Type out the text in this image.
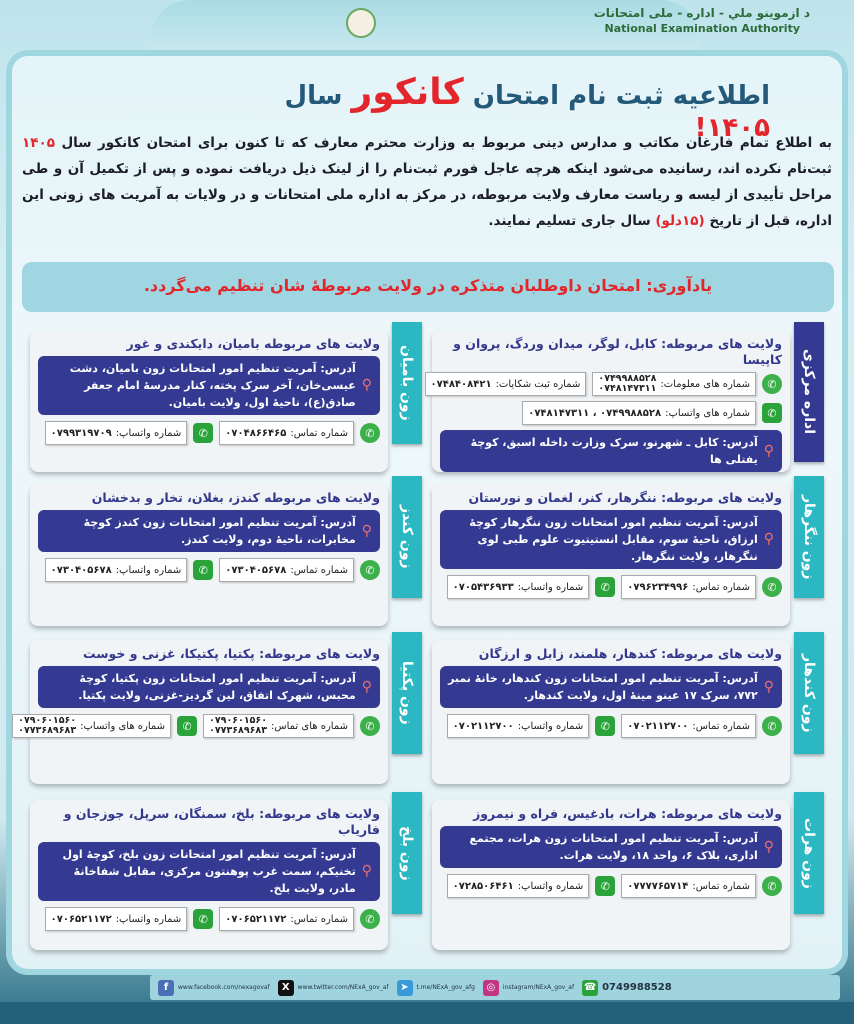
د ازموینو ملي - اداره - ملی امتحانات
National Examination Authority
اطلاعیه ثبت نام امتحان کانکور سال ۱۴۰۵!
به اطلاع تمام فارغان مکاتب و مدارس دینی مربوط به وزارت محترم معارف که تا کنون برای امتحان کانکور سال ۱۴۰۵ ثبت‌نام نکرده اند، رسانیده می‌شود اینکه هرچه عاجل فورم ثبت‌نام را از لینک ذیل دریافت نموده و پس از تکمیل آن و طی مراحل تأییدی از لیسه و ریاست معارف ولایت مربوطه، در مرکز به اداره ملی امتحانات و در ولایات به آمریت های زونی این اداره، قبل از تاریخ (۱۵دلو) سال جاری تسلیم نمایند.
یادآوری: امتحان داوطلبان متذکره در ولایت مربوطهٔ شان تنظیم می‌گردد.
اداره مرکزی
ولایت های مربوطه: کابل، لوگر، میدان وردگ، پروان و کاپیسا
✆
شماره های معلومات:
۰۷۴۹۹۸۸۵۲۸
۰۷۴۸۱۴۷۳۱۱
شماره ثبت شکایات:
۰۷۴۸۴۰۸۴۲۱
✆
شماره های واتساپ:
۰۷۴۹۹۸۸۵۲۸ ، ۰۷۴۸۱۴۷۳۱۱
⚲
آدرس: کابل ـ شهرنو، سرک وزارت داخله اسبق، کوچهٔ یفتلی ها
زون ننگرهار
ولایت های مربوطه: ننگرهار، کنر، لغمان و نورستان
⚲
آدرس: آمریت تنظیم امور امتحانات زون ننگرهار کوچهٔ ارزاق، ناحیهٔ سوم، مقابل انستیتیوت علوم طبی لوی ننگرهار، ولایت ننگرهار.
✆
شماره تماس:
۰۷۹۶۲۳۴۹۹۶
✆
شماره واتساپ:
۰۷۰۵۴۳۶۹۳۳
زون کندهار
ولایت های مربوطه: کندهار، هلمند، زابل و ارزگان
⚲
آدرس: آمریت تنظیم امور امتحانات زون کندهار، خانهٔ نمبر ۷۷۲، سرک ۱۷ عینو مینهٔ اول، ولایت کندهار.
✆
شماره تماس:
۰۷۰۲۱۱۲۷۰۰
✆
شماره واتساپ:
۰۷۰۲۱۱۲۷۰۰
زون هرات
ولایت های مربوطه: هرات، بادغیس، فراه و نیمروز
⚲
آدرس: آمریت تنظیم امور امتحانات زون هرات، مجتمع اداری، بلاک ۶، واحد ۱۸، ولایت هرات.
✆
شماره تماس:
۰۷۷۷۷۶۵۷۱۴
✆
شماره واتساپ:
۰۷۲۸۵۰۶۴۶۱
زون بامیان
ولایت های مربوطه بامیان، دایکندی و غور
⚲
آدرس: آمریت تنظیم امور امتحانات زون بامیان، دشت عیسی‌خان، آخر سرک پخته، کنار مدرسهٔ امام جعفر صادق(ع)، ناحیهٔ اول، ولایت بامیان.
✆
شماره تماس:
۰۷۰۴۸۶۶۴۶۵
✆
شماره واتساپ:
۰۷۹۹۳۱۹۷۰۹
زون کندز
ولایت های مربوطه کندز، بغلان، تخار و بدخشان
⚲
آدرس: آمریت تنظیم امور امتحانات زون کندز کوچهٔ مخابرات، ناحیهٔ دوم، ولایت کندز.
✆
شماره تماس:
۰۷۳۰۴۰۵۶۷۸
✆
شماره واتساپ:
۰۷۳۰۴۰۵۶۷۸
زون پکتیا
ولایت های مربوطه: پکتیا، پکتیکا، غزنی و خوست
⚲
آدرس: آمریت تنظیم امور امتحانات زون پکتیا، کوچهٔ محبس، شهرک اتفاق، لین گردیز-غزنی، ولایت پکتیا.
✆
شماره های تماس:
۰۷۹۰۶۰۱۵۶۰
۰۷۷۳۶۸۹۶۸۳
✆
شماره های واتساپ:
۰۷۹۰۶۰۱۵۶۰
۰۷۷۳۶۸۹۶۸۳
زون بلخ
ولایت های مربوطه: بلخ، سمنگان، سرپل، جوزجان و فاریاب
⚲
آدرس: آمریت تنظیم امور امتحانات زون بلخ، کوچهٔ اول تخنیکم، سمت غرب پوهنتون مرکزی، مقابل شفاخانهٔ مادر، ولایت بلخ.
✆
شماره تماس:
۰۷۰۶۵۲۱۱۷۲
✆
شماره واتساپ:
۰۷۰۶۵۲۱۱۷۲
f	www.facebook.com/nexagovaf	X	www.twitter.com/NExA_gov_af	➤	t.me/NExA_gov_afg	◎	instagram/NExA_gov_af ☎ 0749988528
